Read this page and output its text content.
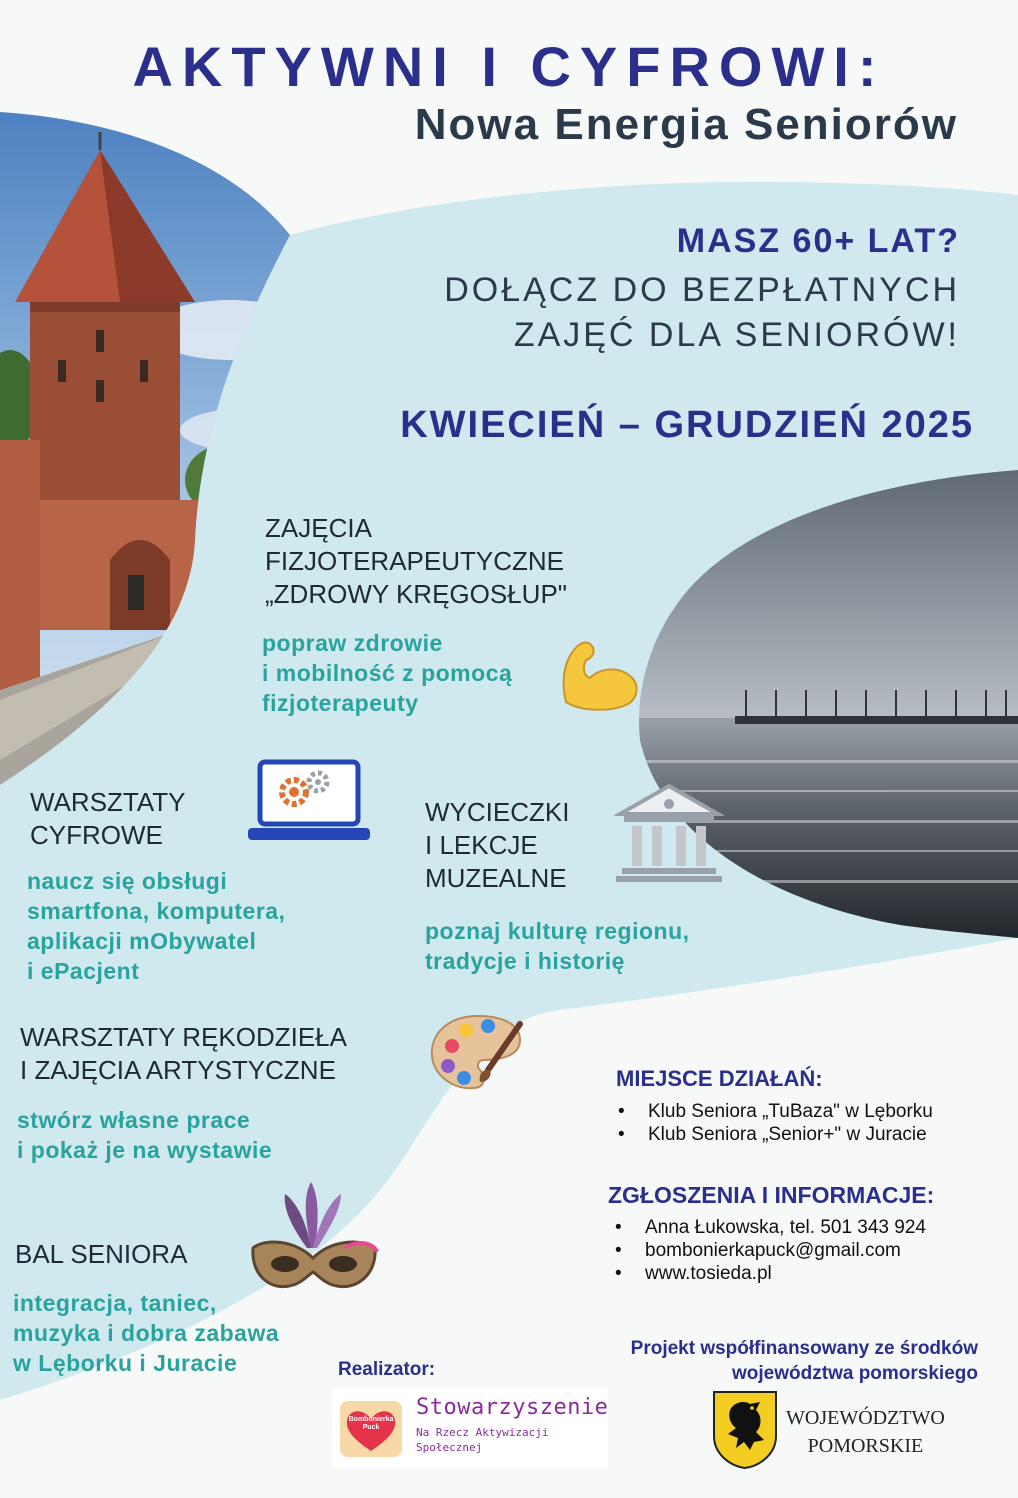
AKTYWNI I CYFROWI:
Nowa Energia Seniorów
MASZ 60+ LAT?
DOŁĄCZ DO BEZPŁATNYCH
ZAJĘĆ DLA SENIORÓW!
KWIECIEŃ – GRUDZIEŃ 2025
ZAJĘCIA
FIZJOTERAPEUTYCZNE
„ZDROWY KRĘGOSŁUP"
popraw zdrowie
i mobilność z pomocą
fizjoterapeuty
WARSZTATY
CYFROWE
naucz się obsługi
smartfona, komputera,
aplikacji mObywatel
i ePacjent
WYCIECZKI
I LEKCJE
MUZEALNE
poznaj kulturę regionu,
tradycje i historię
WARSZTATY RĘKODZIEŁA
I ZAJĘCIA ARTYSTYCZNE
stwórz własne prace
i pokaż je na wystawie
BAL SENIORA
integracja, taniec,
muzyka i dobra zabawa
w Lęborku i Juracie
MIEJSCE DZIAŁAŃ:
• Klub Seniora „TuBaza" w Lęborku
• Klub Seniora „Senior+" w Juracie
ZGŁOSZENIA I INFORMACJE:
• Anna Łukowska, tel. 501 343 924
• bombonierkapuck@gmail.com
• www.tosieda.pl
Projekt współfinansowany ze środków
województwa pomorskiego
Realizator:
Bombonierka
Puck
Stowarzyszenie
Na Rzecz Aktywizacji
Społecznej
WOJEWÓDZTWO
POMORSKIE
